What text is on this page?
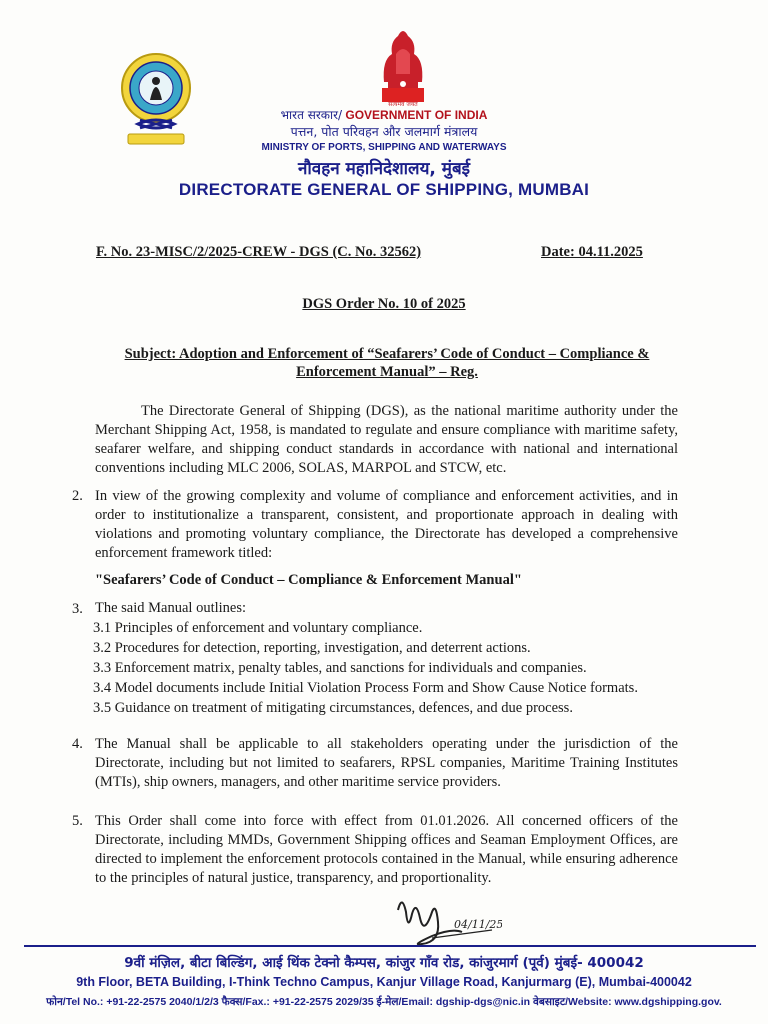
सत्यमेव जयते
भारत सरकार/ GOVERNMENT OF INDIA
पत्तन, पोत परिवहन और जलमार्ग मंत्रालय
MINISTRY OF PORTS, SHIPPING AND WATERWAYS
नौवहन महानिदेशालय, मुंबई
DIRECTORATE GENERAL OF SHIPPING, MUMBAI
F. No. 23-MISC/2/2025-CREW - DGS (C. No. 32562)	Date: 04.11.2025
DGS Order No. 10 of 2025
Subject: Adoption and Enforcement of “Seafarers’ Code of Conduct – Compliance & Enforcement Manual” – Reg.
The Directorate General of Shipping (DGS), as the national maritime authority under the Merchant Shipping Act, 1958, is mandated to regulate and ensure compliance with maritime safety, seafarer welfare, and shipping conduct standards in accordance with national and international conventions including MLC 2006, SOLAS, MARPOL and STCW, etc.
2. In view of the growing complexity and volume of compliance and enforcement activities, and in order to institutionalize a transparent, consistent, and proportionate approach in dealing with violations and promoting voluntary compliance, the Directorate has developed a comprehensive enforcement framework titled:
"Seafarers’ Code of Conduct – Compliance & Enforcement Manual"
3. The said Manual outlines:
3.1 Principles of enforcement and voluntary compliance.
3.2 Procedures for detection, reporting, investigation, and deterrent actions.
3.3 Enforcement matrix, penalty tables, and sanctions for individuals and companies.
3.4 Model documents include Initial Violation Process Form and Show Cause Notice formats.
3.5 Guidance on treatment of mitigating circumstances, defences, and due process.
4. The Manual shall be applicable to all stakeholders operating under the jurisdiction of the Directorate, including but not limited to seafarers, RPSL companies, Maritime Training Institutes (MTIs), ship owners, managers, and other maritime service providers.
5. This Order shall come into force with effect from 01.01.2026. All concerned officers of the Directorate, including MMDs, Government Shipping offices and Seaman Employment Offices, are directed to implement the enforcement protocols contained in the Manual, while ensuring adherence to the principles of natural justice, transparency, and proportionality.
04/11/25
9वीं मंज़िल, बीटा बिल्डिंग, आई थिंक टेक्नो कैम्पस, कांजुर गाँव रोड, कांजुरमार्ग (पूर्व) मुंबई- 400042
9th Floor, BETA Building, I-Think Techno Campus, Kanjur Village Road, Kanjurmarg (E), Mumbai-400042
फोन/Tel No.: +91-22-2575 2040/1/2/3 फैक्स/Fax.: +91-22-2575 2029/35 ई-मेल/Email: dgship-dgs@nic.in वेबसाइट/Website: www.dgshipping.gov.
